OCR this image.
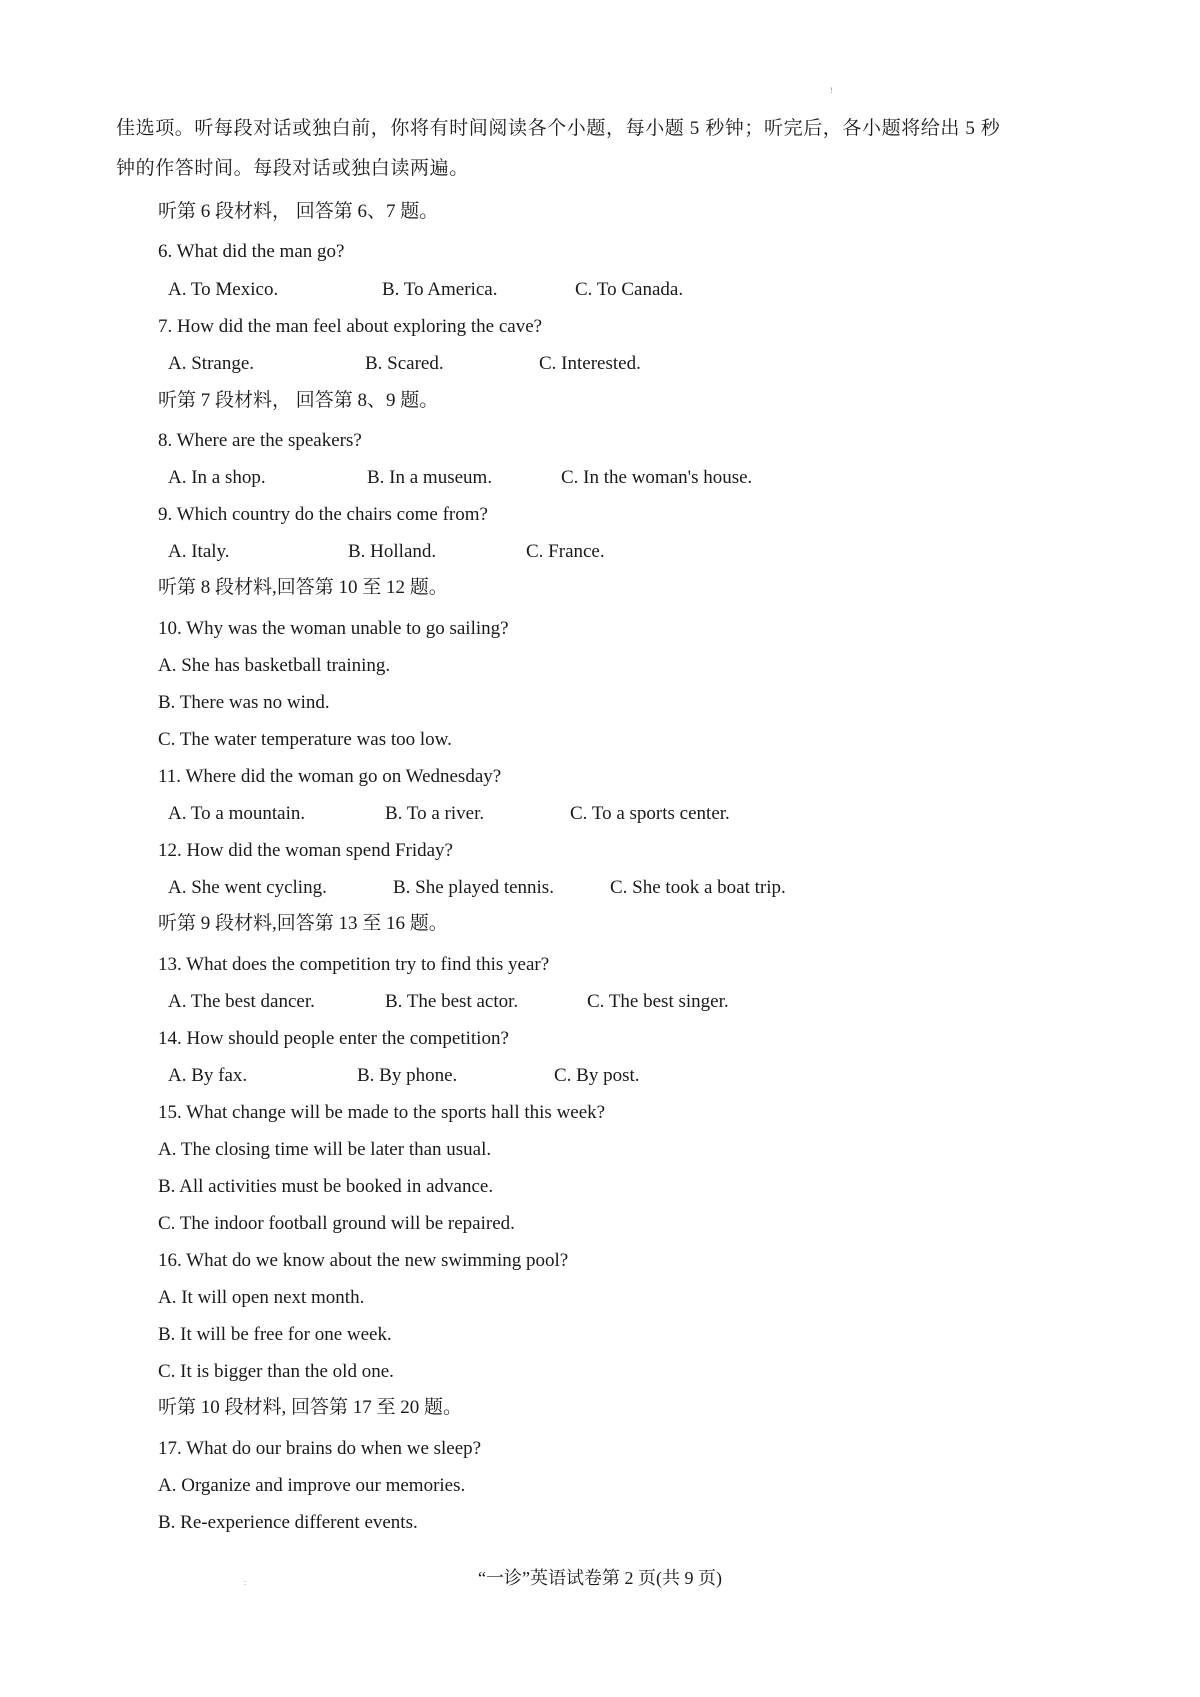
!
佳选项。听每段对话或独白前，你将有时间阅读各个小题，每小题 5 秒钟；听完后，各小题将给出 5 秒
钟的作答时间。每段对话或独白读两遍。
听第 6 段材料， 回答第 6、7 题。
6. What did the man go?
A. To Mexico.	B. To America.	C. To Canada.
7. How did the man feel about exploring the cave?
A. Strange.	B. Scared.	C. Interested.
听第 7 段材料， 回答第 8、9 题。
8. Where are the speakers?
A. In a shop.	B. In a museum.	C. In the woman's house.
9. Which country do the chairs come from?
A. Italy.	B. Holland.	C. France.
听第 8 段材料,回答第 10 至 12 题。
10. Why was the woman unable to go sailing?
A. She has basketball training.
B. There was no wind.
C. The water temperature was too low.
11. Where did the woman go on Wednesday?
A. To a mountain.	B. To a river.	C. To a sports center.
12. How did the woman spend Friday?
A. She went cycling.	B. She played tennis.	C. She took a boat trip.
听第 9 段材料,回答第 13 至 16 题。
13. What does the competition try to find this year?
A. The best dancer.	B. The best actor.	C. The best singer.
14. How should people enter the competition?
A. By fax.	B. By phone.	C. By post.
15. What change will be made to the sports hall this week?
A. The closing time will be later than usual.
B. All activities must be booked in advance.
C. The indoor football ground will be repaired.
16. What do we know about the new swimming pool?
A. It will open next month.
B. It will be free for one week.
C. It is bigger than the old one.
听第 10 段材料, 回答第 17 至 20 题。
17. What do our brains do when we sleep?
A. Organize and improve our memories.
B. Re-experience different events.
:	“一诊”英语试卷第 2 页(共 9 页)
